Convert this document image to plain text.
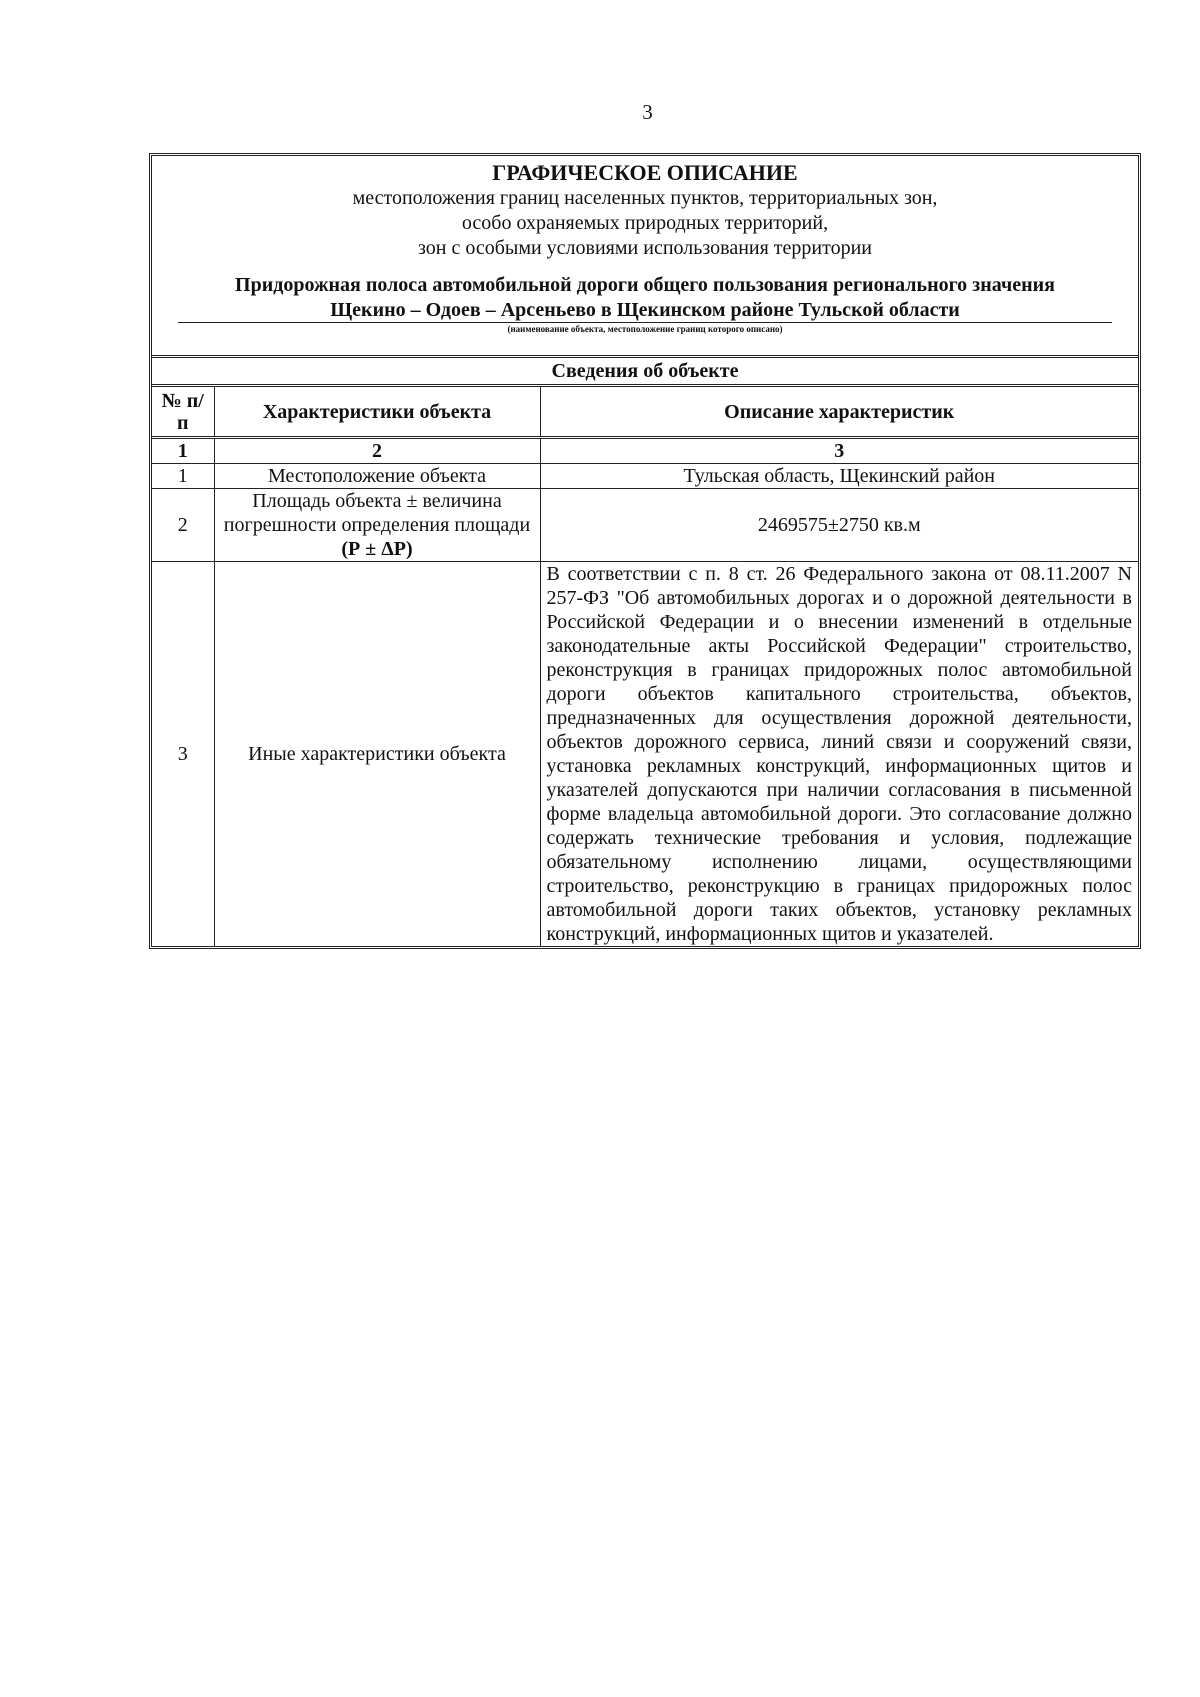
3
ГРАФИЧЕСКОЕ ОПИСАНИЕ
местоположения границ населенных пунктов, территориальных зон,
особо охраняемых природных территорий,
зон с особыми условиями использования территории
Придорожная полоса автомобильной дороги общего пользования регионального значения
Щекино – Одоев – Арсеньево в Щекинском районе Тульской области
(наименование объекта, местоположение границ которого описано)
Сведения об объекте
№ п/п	Характеристики объекта	Описание характеристик
1	2	3
1	Местоположение объекта	Тульская область, Щекинский район
2	Площадь объекта ± величина погрешности определения площади (Р ± ΔР)	2469575±2750 кв.м
3	Иные характеристики объекта	В соответствии с п. 8 ст. 26 Федерального закона от 08.11.2007 N 257-ФЗ "Об автомобильных дорогах и о дорожной деятельности в Российской Федерации и о внесении изменений в отдельные законодательные акты Российской Федерации" строительство, реконструкция в границах придорожных полос автомобильной дороги объектов капитального строительства, объектов, предназначенных для осуществления дорожной деятельности, объектов дорожного сервиса, линий связи и сооружений связи, установка рекламных конструкций, информационных щитов и указателей допускаются при наличии согласования в письменной форме владельца автомобильной дороги. Это согласование должно содержать технические требования и условия, подлежащие обязательному исполнению лицами, осуществляющими строительство, реконструкцию в границах придорожных полос автомобильной дороги таких объектов, установку рекламных конструкций, информационных щитов и указателей.
